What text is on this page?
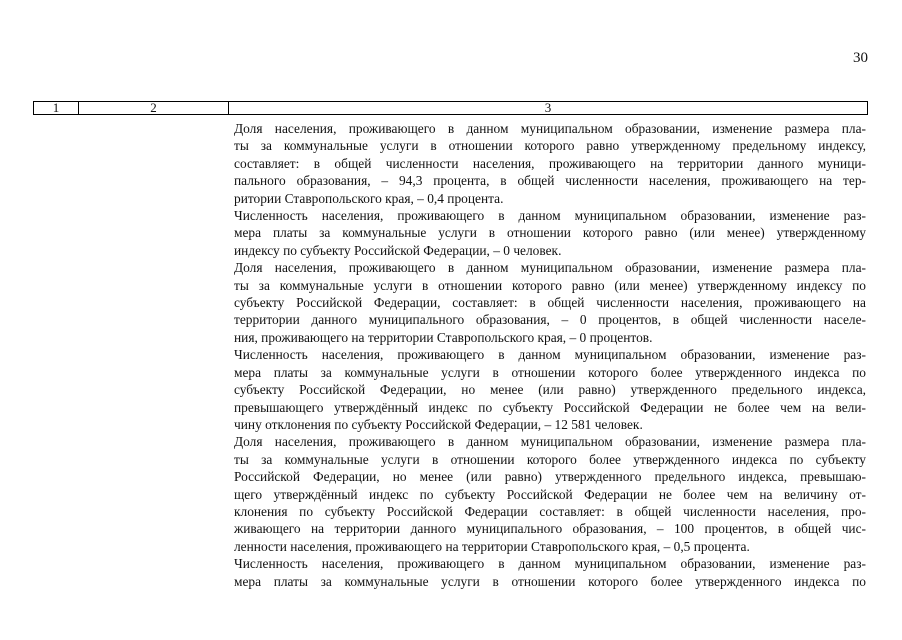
30
1	2	3

Доля населения, проживающего в данном муниципальном образовании, изменение размера пла-
ты за коммунальные услуги в отношении которого равно утвержденному предельному индексу,
составляет: в общей численности населения, проживающего на территории данного муници-
пального образования, – 94,3 процента, в общей численности населения, проживающего на тер-
ритории Ставропольского края, – 0,4 процента.

Численность населения, проживающего в данном муниципальном образовании, изменение раз-
мера платы за коммунальные услуги в отношении которого равно (или менее) утвержденному
индексу по субъекту Российской Федерации, – 0 человек.

Доля населения, проживающего в данном муниципальном образовании, изменение размера пла-
ты за коммунальные услуги в отношении которого равно (или менее) утвержденному индексу по
субъекту Российской Федерации, составляет: в общей численности населения, проживающего на
территории данного муниципального образования, – 0 процентов, в общей численности населе-
ния, проживающего на территории Ставропольского края, – 0 процентов.

Численность населения, проживающего в данном муниципальном образовании, изменение раз-
мера платы за коммунальные услуги в отношении которого более утвержденного индекса по
субъекту Российской Федерации, но менее (или равно) утвержденного предельного индекса,
превышающего утверждённый индекс по субъекту Российской Федерации не более чем на вели-
чину отклонения по субъекту Российской Федерации, – 12 581 человек.

Доля населения, проживающего в данном муниципальном образовании, изменение размера пла-
ты за коммунальные услуги в отношении которого более утвержденного индекса по субъекту
Российской Федерации, но менее (или равно) утвержденного предельного индекса, превышаю-
щего утверждённый индекс по субъекту Российской Федерации не более чем на величину от-
клонения по субъекту Российской Федерации составляет: в общей численности населения, про-
живающего на территории данного муниципального образования, – 100 процентов, в общей чис-
ленности населения, проживающего на территории Ставропольского края, – 0,5 процента.

Численность населения, проживающего в данном муниципальном образовании, изменение раз-
мера платы за коммунальные услуги в отношении которого более утвержденного индекса по
